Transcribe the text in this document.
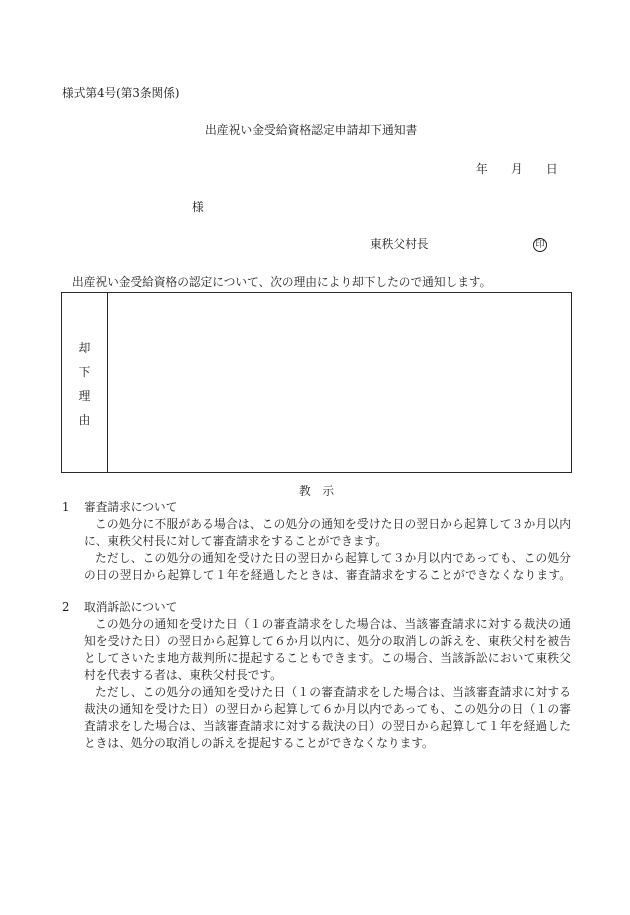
様式第4号(第3条関係)
出産祝い金受給資格認定申請却下通知書
年 月 日
様
東秩父村長	印
出産祝い金受給資格の認定について、次の理由により却下したので通知します。
却
下
理
由
教　示
1 審査請求について
この処分に不服がある場合は、この処分の通知を受けた日の翌日から起算して３か月以内
に、東秩父村長に対して審査請求をすることができます。
ただし、この処分の通知を受けた日の翌日から起算して３か月以内であっても、この処分
の日の翌日から起算して１年を経過したときは、審査請求をすることができなくなります。
2 取消訴訟について
この処分の通知を受けた日（１の審査請求をした場合は、当該審査請求に対する裁決の通
知を受けた日）の翌日から起算して６か月以内に、処分の取消しの訴えを、東秩父村を被告
としてさいたま地方裁判所に提起することもできます。この場合、当該訴訟において東秩父
村を代表する者は、東秩父村長です。
ただし、この処分の通知を受けた日（１の審査請求をした場合は、当該審査請求に対する
裁決の通知を受けた日）の翌日から起算して６か月以内であっても、この処分の日（１の審
査請求をした場合は、当該審査請求に対する裁決の日）の翌日から起算して１年を経過した
ときは、処分の取消しの訴えを提起することができなくなります。
